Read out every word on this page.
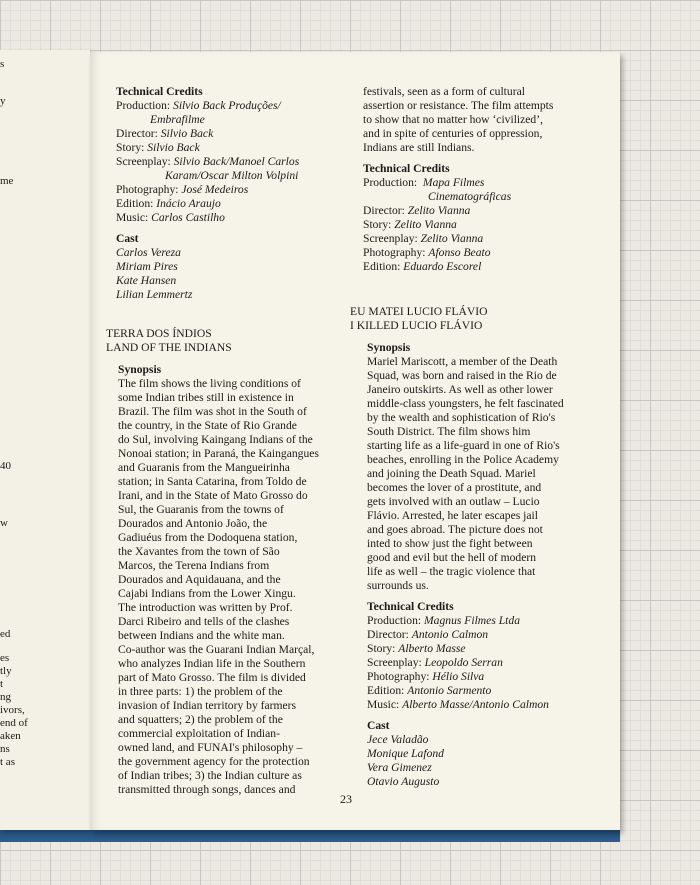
s
y
me
40
w
ed
es
tly
t
ng
ivors,
end of
aken
ns
t as
23
Technical Credits
Production: Silvio Back Produções/
Embrafilme
Director: Silvio Back
Story: Silvio Back
Screenplay: Silvio Back/Manoel Carlos
Karam/Oscar Milton Volpini
Photography: José Medeiros
Edition: Inácio Araujo
Music: Carlos Castilho
Cast
Carlos Vereza
Miriam Pires
Kate Hansen
Lilian Lemmertz
TERRA DOS ÍNDIOS
LAND OF THE INDIANS
Synopsis
The film shows the living conditions of
some Indian tribes still in existence in
Brazil. The film was shot in the South of
the country, in the State of Rio Grande
do Sul, involving Kaingang Indians of the
Nonoai station; in Paraná, the Kaingangues
and Guaranis from the Mangueirinha
station; in Santa Catarina, from Toldo de
Irani, and in the State of Mato Grosso do
Sul, the Guaranis from the towns of
Dourados and Antonio João, the
Gadiuéus from the Dodoquena station,
the Xavantes from the town of São
Marcos, the Terena Indians from
Dourados and Aquidauana, and the
Cajabi Indians from the Lower Xingu.
The introduction was written by Prof.
Darci Ribeiro and tells of the clashes
between Indians and the white man.
Co-author was the Guarani Indian Marçal,
who analyzes Indian life in the Southern
part of Mato Grosso. The film is divided
in three parts: 1) the problem of the
invasion of Indian territory by farmers
and squatters; 2) the problem of the
commercial exploitation of Indian-
owned land, and FUNAI's philosophy –
the government agency for the protection
of Indian tribes; 3) the Indian culture as
transmitted through songs, dances and
festivals, seen as a form of cultural
assertion or resistance. The film attempts
to show that no matter how ‘civilized’,
and in spite of centuries of oppression,
Indians are still Indians.
Technical Credits
Production:  Mapa Filmes
Cinematográficas
Director: Zelito Vianna
Story: Zelito Vianna
Screenplay: Zelito Vianna
Photography: Afonso Beato
Edition: Eduardo Escorel
EU MATEI LUCIO FLÁVIO
I KILLED LUCIO FLÁVIO
Synopsis
Mariel Mariscott, a member of the Death
Squad, was born and raised in the Rio de
Janeiro outskirts. As well as other lower
middle-class youngsters, he felt fascinated
by the wealth and sophistication of Rio's
South District. The film shows him
starting life as a life-guard in one of Rio's
beaches, enrolling in the Police Academy
and joining the Death Squad. Mariel
becomes the lover of a prostitute, and
gets involved with an outlaw – Lucio
Flávio. Arrested, he later escapes jail
and goes abroad. The picture does not
inted to show just the fight between
good and evil but the hell of modern
life as well – the tragic violence that
surrounds us.
Technical Credits
Production: Magnus Filmes Ltda
Director: Antonio Calmon
Story: Alberto Masse
Screenplay: Leopoldo Serran
Photography: Hélio Silva
Edition: Antonio Sarmento
Music: Alberto Masse/Antonio Calmon
Cast
Jece Valadão
Monique Lafond
Vera Gimenez
Otavio Augusto
